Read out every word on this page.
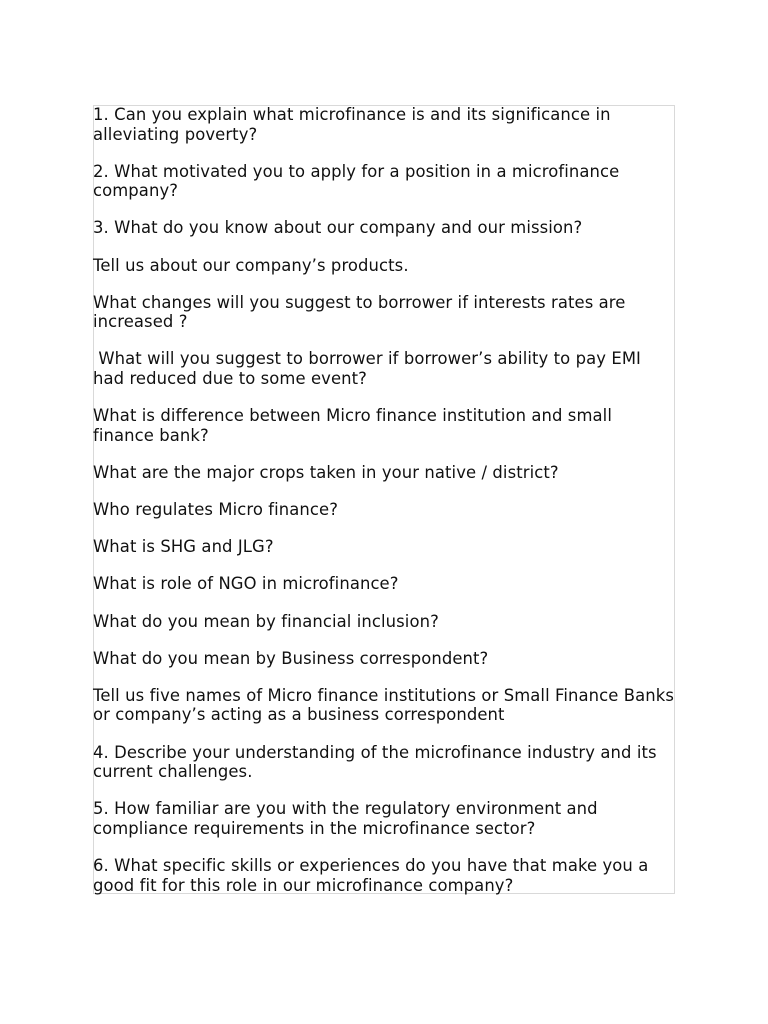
1. Can you explain what microfinance is and its significance in alleviating poverty?

2. What motivated you to apply for a position in a microfinance company?

3. What do you know about our company and our mission?

Tell us about our company’s products.

What changes will you suggest to borrower if interests rates are increased ?

What will you suggest to borrower if borrower’s ability to pay EMI had reduced due to some event?

What is difference between Micro finance institution and small finance bank?

What are the major crops taken in your native / district?

Who regulates Micro finance?

What is SHG and JLG?

What is role of NGO in microfinance?

What do you mean by financial inclusion?

What do you mean by Business correspondent?

Tell us five names of Micro finance institutions or Small Finance Banks or company’s acting as a business correspondent

4. Describe your understanding of the microfinance industry and its current challenges.

5. How familiar are you with the regulatory environment and compliance requirements in the microfinance sector?

6. What specific skills or experiences do you have that make you a good fit for this role in our microfinance company?
